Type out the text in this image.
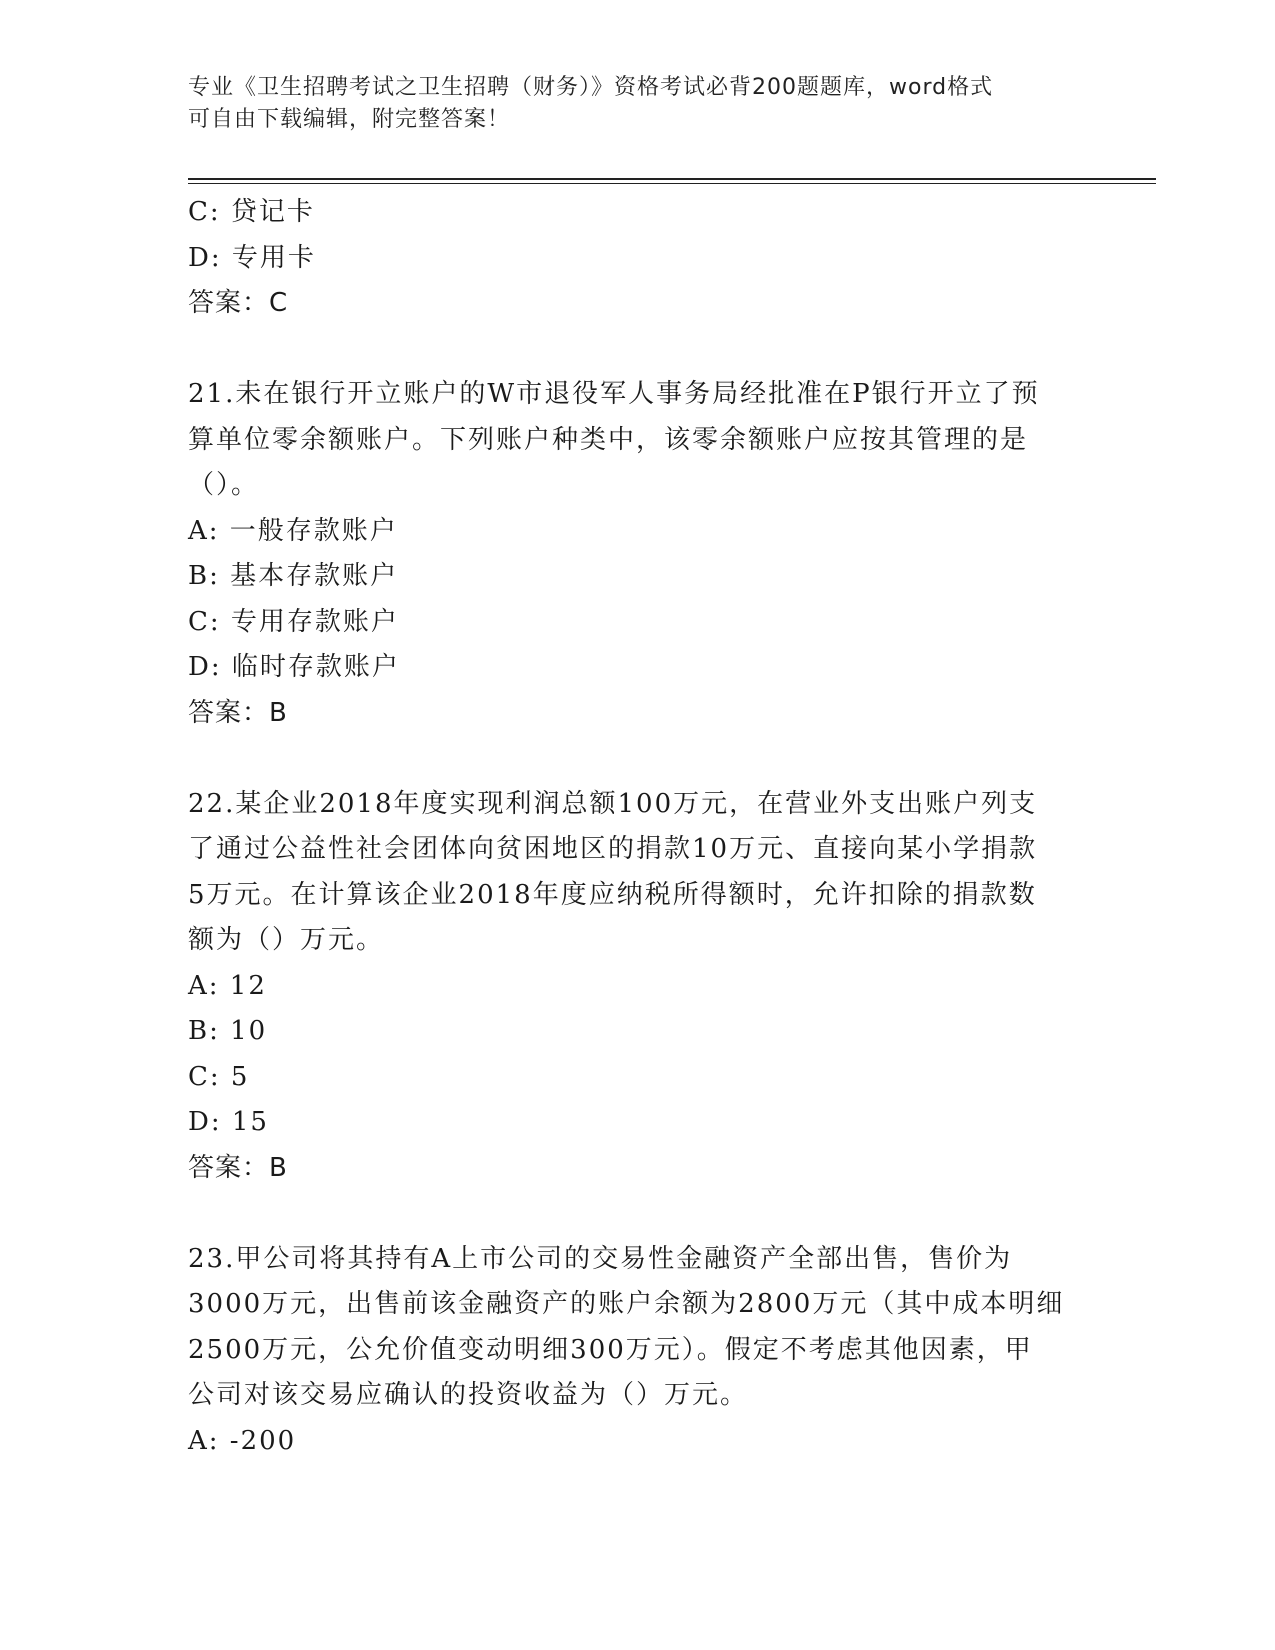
专业《卫生招聘考试之卫生招聘（财务）》资格考试必背200题题库，word格式
可自由下载编辑，附完整答案！
C: 贷记卡
D: 专用卡
答案：C
21.未在银行开立账户的W市退役军人事务局经批准在P银行开立了预
算单位零余额账户。下列账户种类中，该零余额账户应按其管理的是
（）。
A: 一般存款账户
B: 基本存款账户
C: 专用存款账户
D: 临时存款账户
答案：B
22.某企业2018年度实现利润总额100万元，在营业外支出账户列支
了通过公益性社会团体向贫困地区的捐款10万元、直接向某小学捐款
5万元。在计算该企业2018年度应纳税所得额时，允许扣除的捐款数
额为（）万元。
A: 12
B: 10
C: 5
D: 15
答案：B
23.甲公司将其持有A上市公司的交易性金融资产全部出售，售价为
3000万元，出售前该金融资产的账户余额为2800万元（其中成本明细
2500万元，公允价值变动明细300万元）。假定不考虑其他因素，甲
公司对该交易应确认的投资收益为（）万元。
A: -200
